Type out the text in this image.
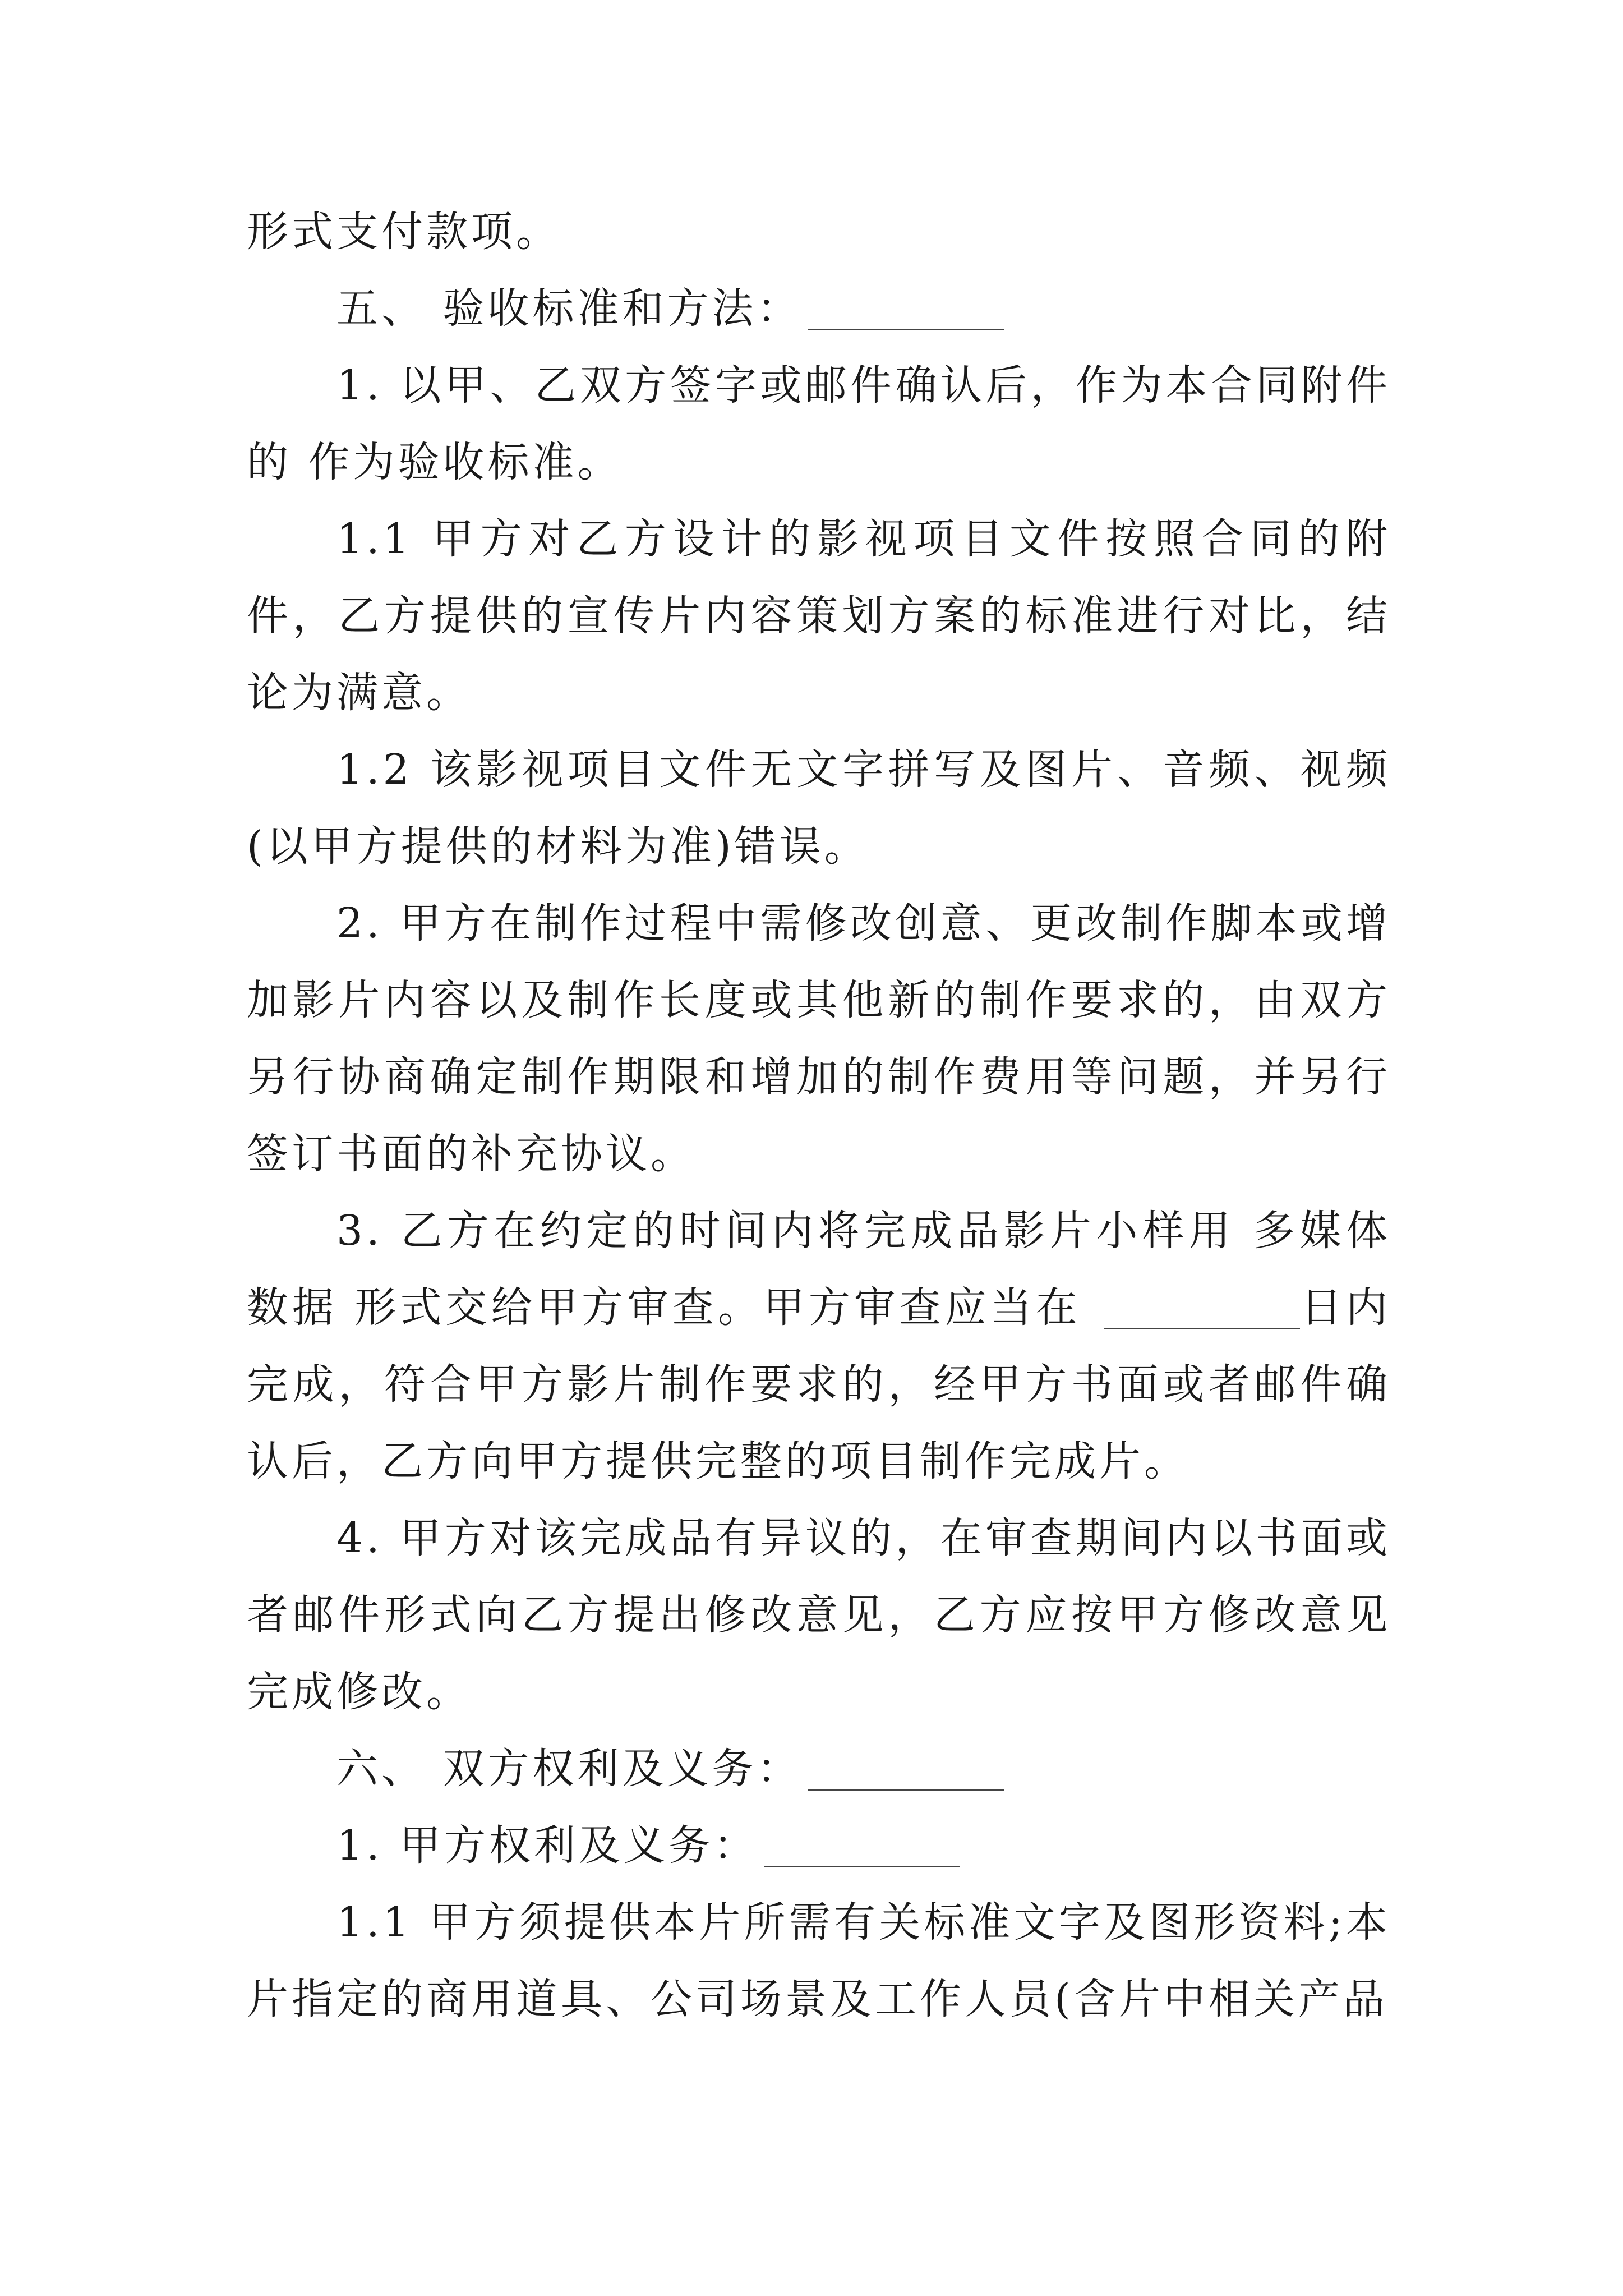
形式支付款项。

五、 验收标准和方法：

1. 以甲、乙双方签字或邮件确认后，作为本合同附件的 作为验收标准。

1.1 甲方对乙方设计的影视项目文件按照合同的附件，乙方提供的宣传片内容策划方案的标准进行对比，结论为满意。

1.2 该影视项目文件无文字拼写及图片、音频、视频(以甲方提供的材料为准)错误。

2. 甲方在制作过程中需修改创意、更改制作脚本或增加影片内容以及制作长度或其他新的制作要求的，由双方另行协商确定制作期限和增加的制作费用等问题，并另行签订书面的补充协议。

3. 乙方在约定的时间内将完成品影片小样用 多媒体数据 形式交给甲方审查。甲方审查应当在	日内完成，符合甲方影片制作要求的，经甲方书面或者邮件确认后，乙方向甲方提供完整的项目制作完成片。

4. 甲方对该完成品有异议的，在审查期间内以书面或者邮件形式向乙方提出修改意见，乙方应按甲方修改意见完成修改。

六、 双方权利及义务：

1. 甲方权利及义务：

1.1 甲方须提供本片所需有关标准文字及图形资料;本片指定的商用道具、公司场景及工作人员(含片中相关产品
